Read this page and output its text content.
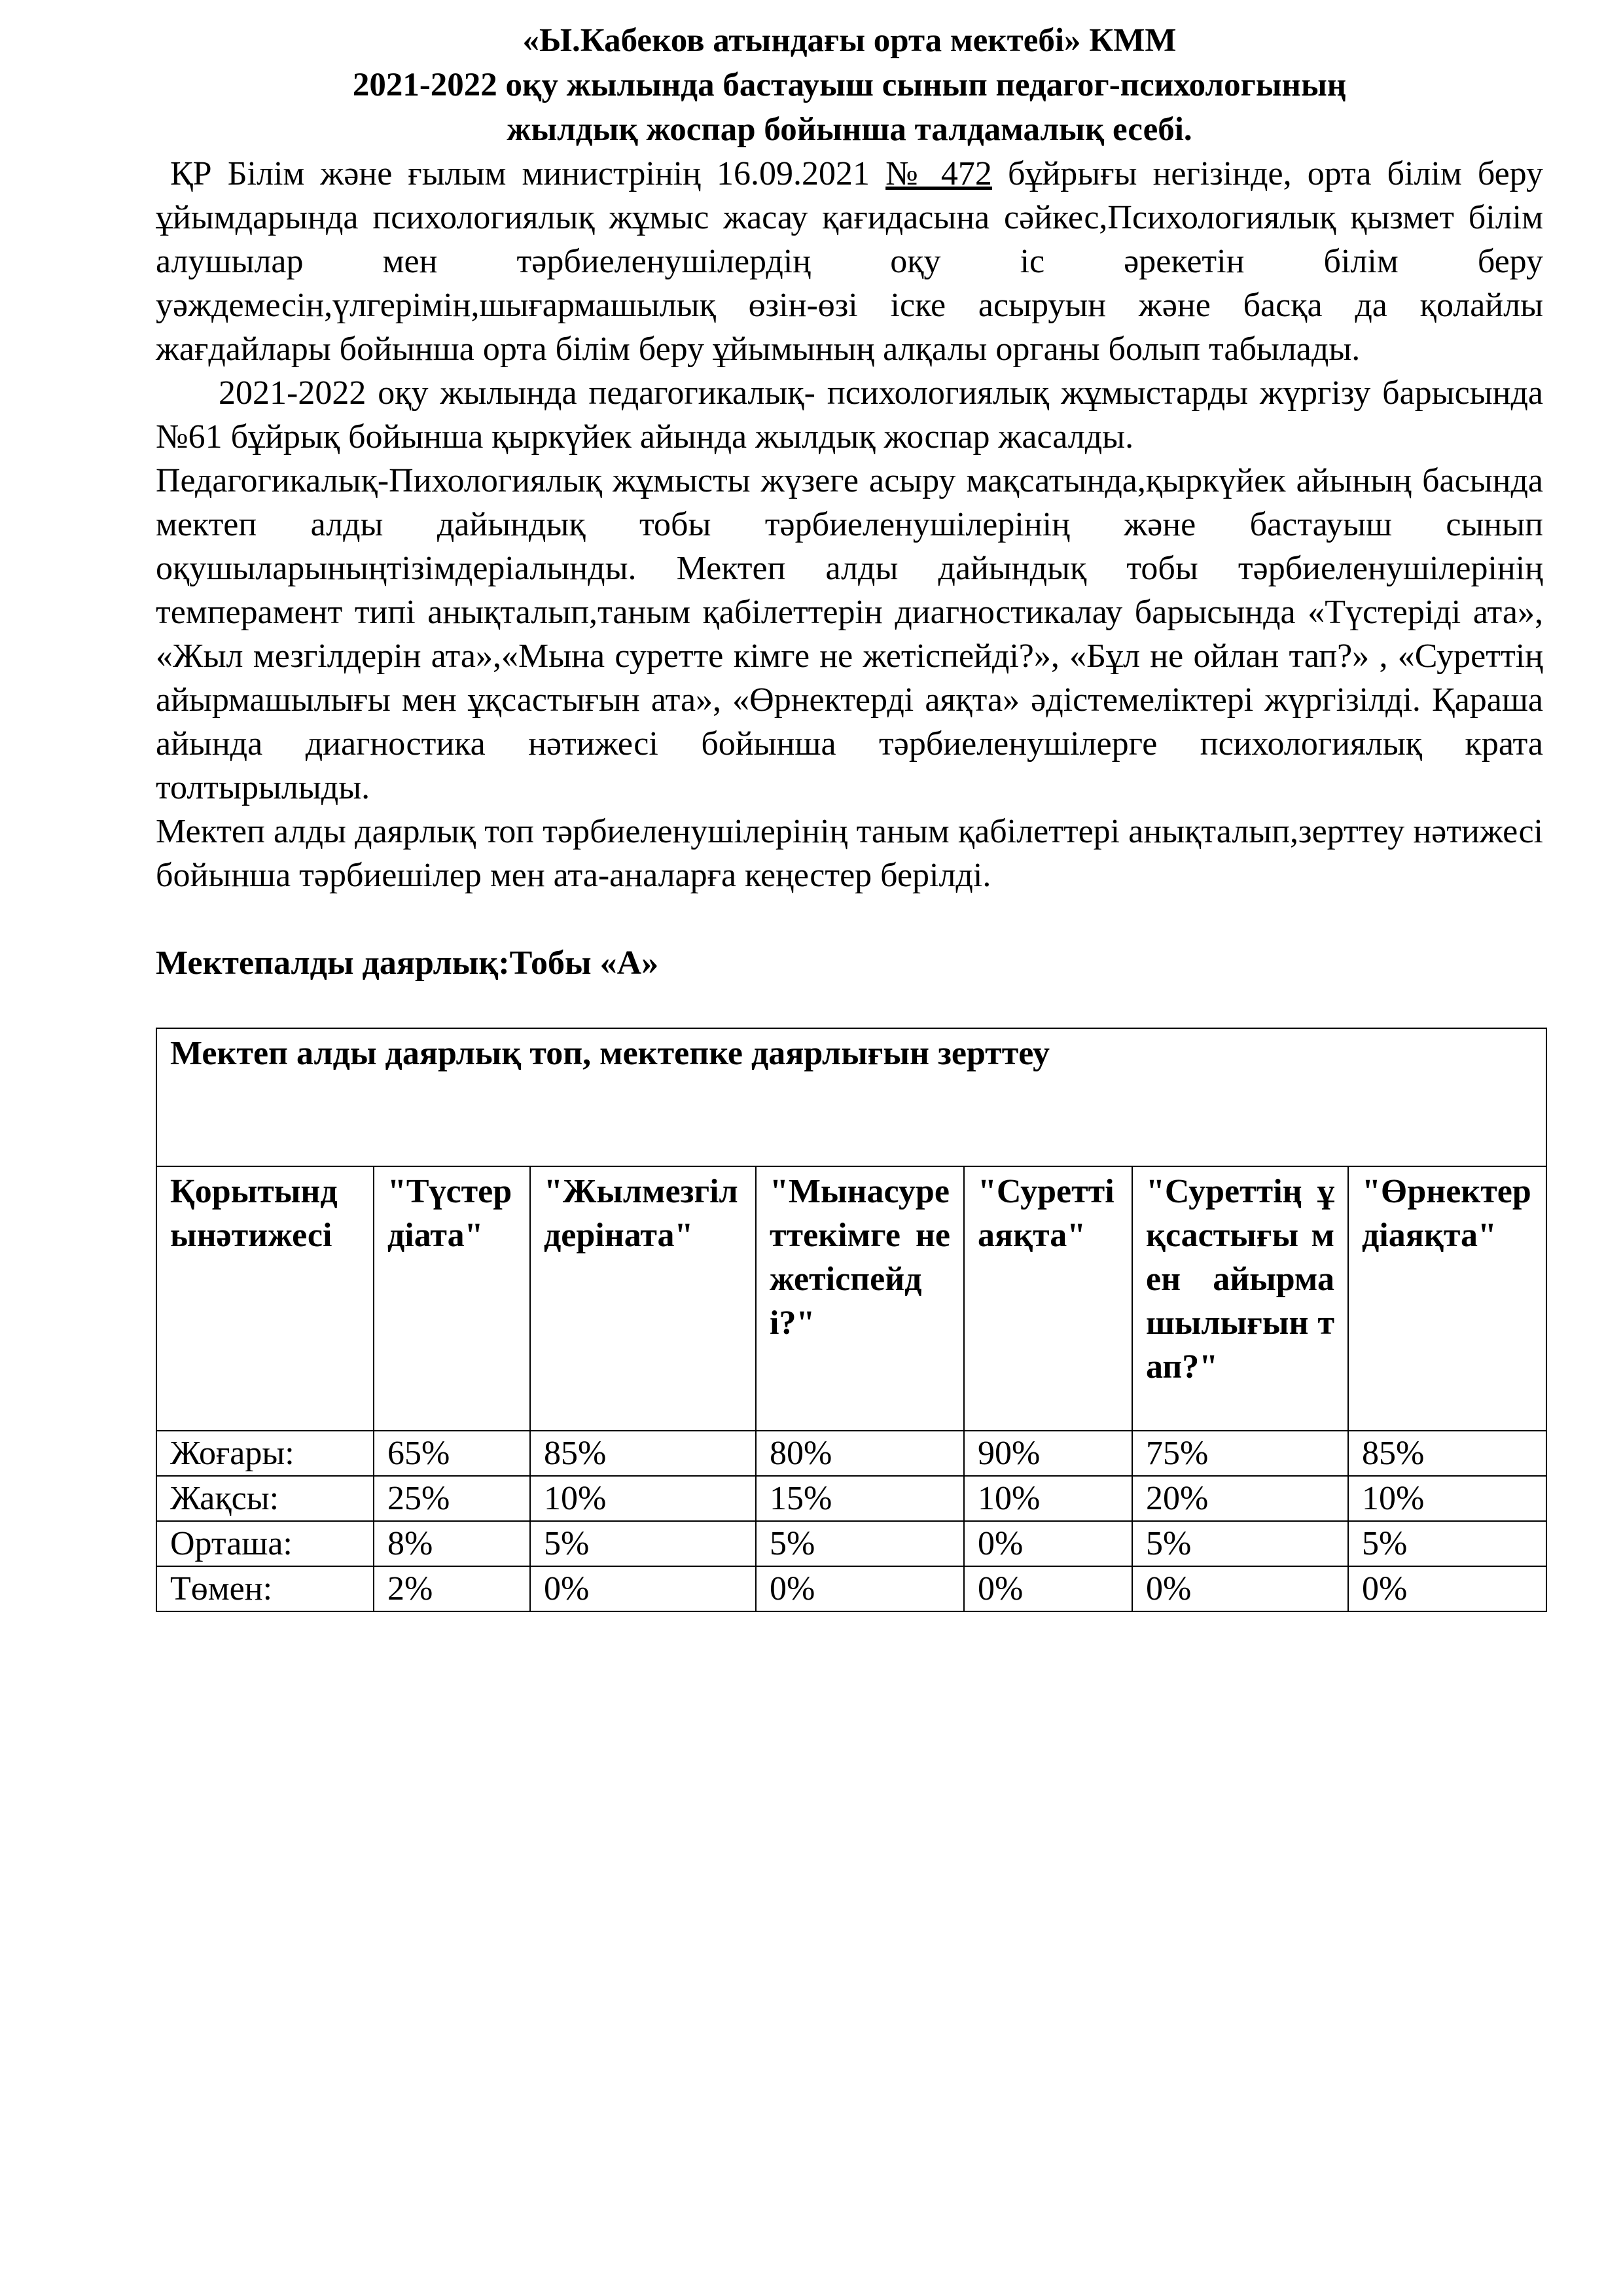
«Ы.Кабеков атындағы орта мектебі» КММ
2021-2022 оқу жылында бастауыш сынып педагог-психологының
жылдық жоспар бойынша талдамалық есебі.

ҚР Білім және ғылым министрінің 16.09.2021 № 472 бұйрығы негізінде, орта білім беру ұйымдарында психологиялық жұмыс жасау қағидасына сәйкес,Психологиялық қызмет білім алушылар мен тәрбиеленушілердің оқу іс әрекетін білім беру уәждемесін,үлгерімін,шығармашылық өзін-өзі іске асыруын және басқа да қолайлы жағдайлары бойынша орта білім беру ұйымының алқалы органы болып табылады.

2021-2022 оқу жылында педагогикалық- психологиялық жұмыстарды жүргізу барысында №61 бұйрық бойынша қыркүйек айында жылдық жоспар жасалды.

Педагогикалық-Пихологиялық жұмысты жүзеге асыру мақсатында,қыркүйек айының басында мектеп алды дайындық тобы тәрбиеленушілерінің және бастауыш сынып оқушыларыныңтізімдеріалынды. Мектеп алды дайындық тобы тәрбиеленушілерінің темперамент типі анықталып,таным қабілеттерін диагностикалау барысында «Түстеріді ата», «Жыл мезгілдерін ата»,«Мына суретте кімге не жетіспейді?», «Бұл не ойлан тап?» , «Суреттің айырмашылығы мен ұқсастығын ата», «Өрнектерді аяқта» әдістемеліктері жүргізілді. Қараша айында диагностика нәтижесі бойынша тәрбиеленушілерге психологиялық крата толтырылыды.

Мектеп алды даярлық топ тәрбиеленушілерінің таным қабілеттері анықталып,зерттеу нәтижесі бойынша тәрбиешілер мен ата-аналарға кеңестер берілді.

Мектепалды даярлық:Тобы «А»
Мектеп алды даярлық топ, мектепке даярлығын зерттеу						
Қорытындынәтижесі	"Түстердіата"	"Жылмезгілдеріната"	"Мынасуреттекімге не жетіспейді?"	"Суреттіаяқта"	"Суреттің ұқсастығы мен айырмашылығын тап?"	"Өрнектердіаяқта"
Жоғары:	65%	85%	80%	90%	75%	85%
Жақсы:	25%	10%	15%	10%	20%	10%
Орташа:	8%	5%	5%	0%	5%	5%
Төмен:	2%	0%	0%	0%	0%	0%
